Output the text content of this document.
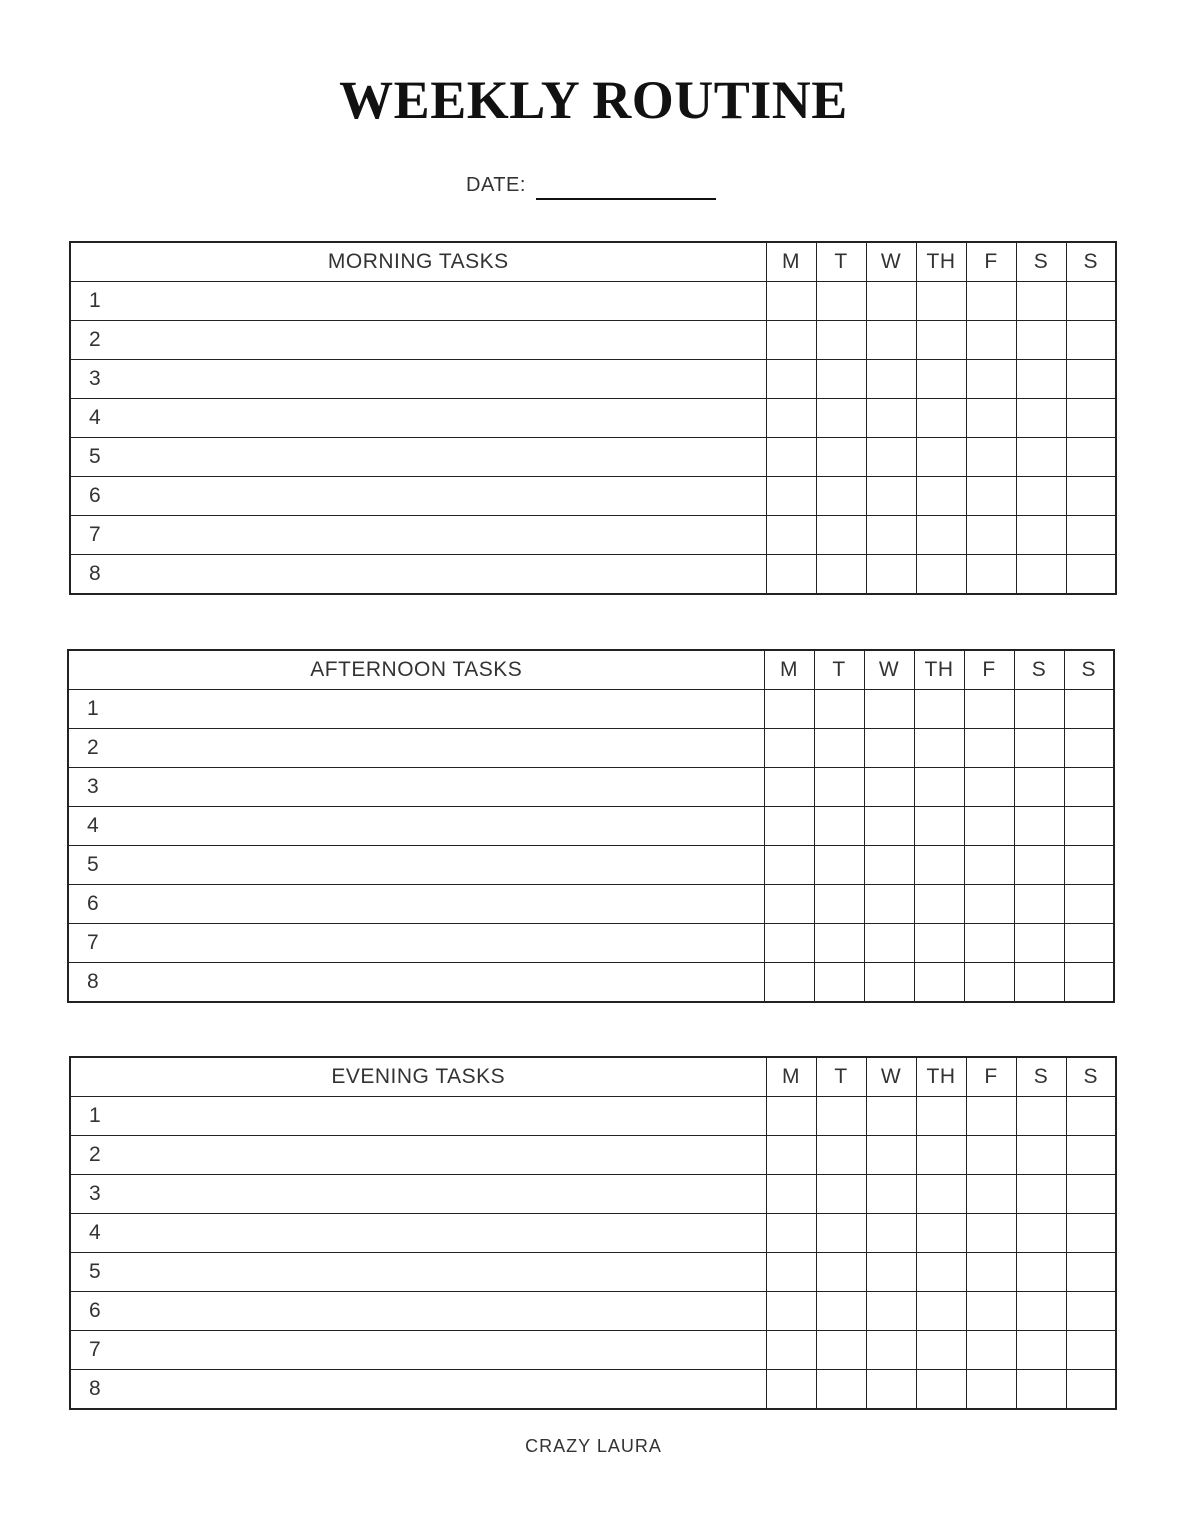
WEEKLY ROUTINE
DATE:
MORNING TASKS	M	T	W	TH	F	S	S
1							
2							
3							
4							
5							
6							
7							
8							
AFTERNOON TASKS	M	T	W	TH	F	S	S
1							
2							
3							
4							
5							
6							
7							
8							
EVENING TASKS	M	T	W	TH	F	S	S
1							
2							
3							
4							
5							
6							
7							
8							
CRAZY LAURA
